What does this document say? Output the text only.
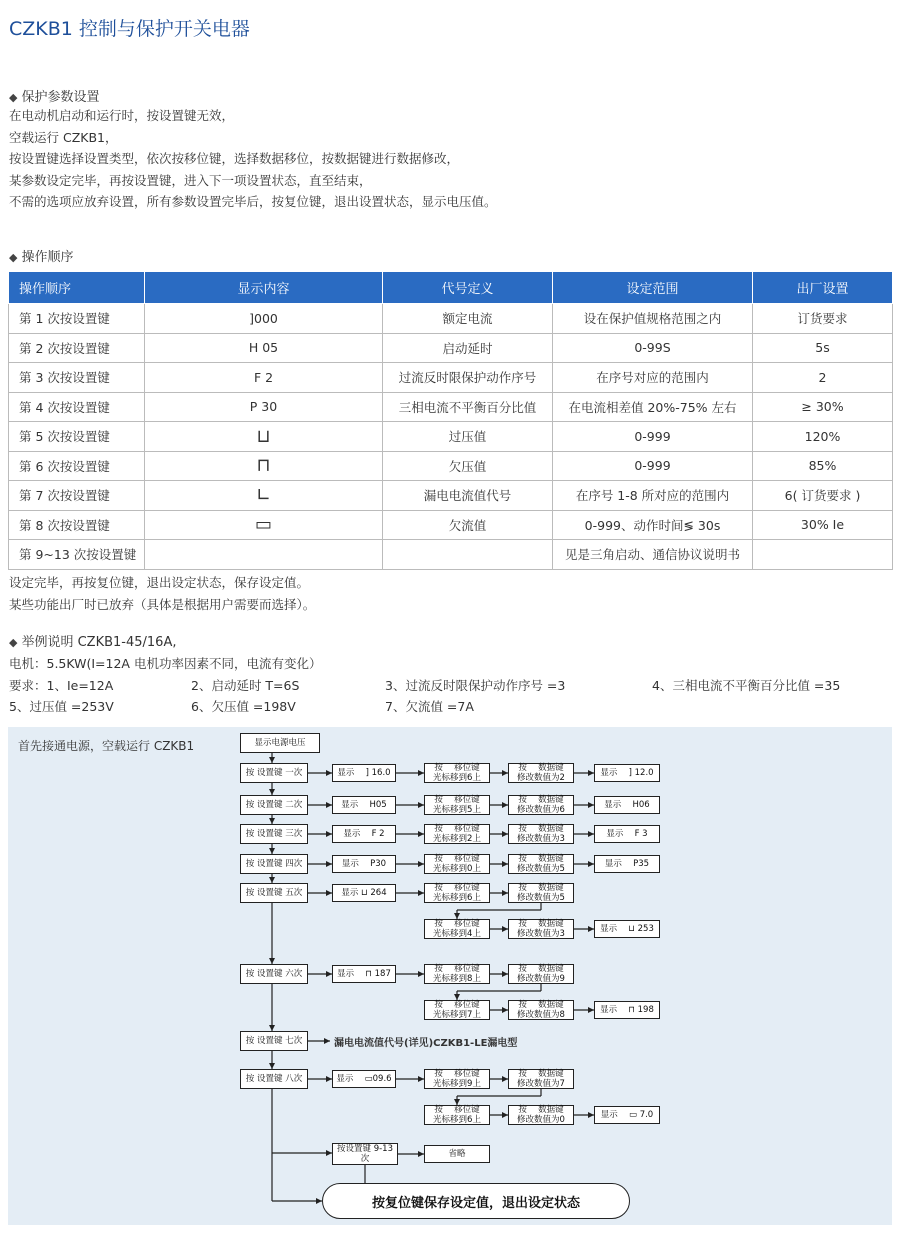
CZKB1 控制与保护开关电器
◆ 保护参数设置
在电动机启动和运行时，按设置键无效，
空载运行 CZKB1，
按设置键选择设置类型，依次按移位键，选择数据移位，按数据键进行数据修改，
某参数设定完毕，再按设置键，进入下一项设置状态，直至结束，
不需的选项应放弃设置，所有参数设置完毕后，按复位键，退出设置状态，显示电压值。
◆ 操作顺序
操作顺序	显示内容	代号定义	设定范围	出厂设置
第 1 次按设置键	]000	额定电流	设在保护值规格范围之内	订货要求
第 2 次按设置键	H 05	启动延时	0-99S	5s
第 3 次按设置键	F 2	过流反时限保护动作序号	在序号对应的范围内	2
第 4 次按设置键	P 30	三相电流不平衡百分比值	在电流相差值 20%-75% 左右	≥ 30%
第 5 次按设置键	⊔	过压值	0-999	120%
第 6 次按设置键	⊓	欠压值	0-999	85%
第 7 次按设置键	∟	漏电电流值代号	在序号 1-8 所对应的范围内	6( 订货要求 )
第 8 次按设置键	▭	欠流值	0-999、动作时间≶ 30s	30% Ie
第 9~13 次按设置键			见是三角启动、通信协议说明书	
设定完毕，再按复位键，退出设定状态，保存设定值。
某些功能出厂时已放弃（具体是根据用户需要而选择）。
◆ 举例说明 CZKB1-45/16A,
电机：5.5KW(I=12A 电机功率因素不同，电流有变化）
要求：1、Ie=12A	2、启动延时 T=6S	3、过流反时限保护动作序号 =3	4、三相电流不平衡百分比值 =35
5、过压值 =253V	6、欠压值 =198V	7、欠流值 =7A
首先接通电源，空载运行 CZKB1	显示电源电压
按 设置键 一次	显示　 ] 16.0	按　 移位键
光标移到6上
按　 数据键
修改数值为2	显示　 ] 12.0
按 设置键 二次	显示　 H05	按　 移位键
光标移到5上
按　 数据键
修改数值为6	显示　 H06
按 设置键 三次	显示　 F 2	按　 移位键
光标移到2上
按　 数据键
修改数值为3	显示　 F 3
按 设置键 四次	显示　 P30	按　 移位键
光标移到0上
按　 数据键
修改数值为5	显示　 P35
按 设置键 五次	显示 ⊔ 264	按　 移位键
光标移到6上
按　 数据键
修改数值为5
按　 移位键
光标移到4上
按　 数据键
修改数值为3	显示　 ⊔ 253
按 设置键 六次	显示　 ⊓ 187	按　 移位键
光标移到8上
按　 数据键
修改数值为9
按　 移位键
光标移到7上
按　 数据键
修改数值为8	显示　 ⊓ 198
按 设置键 七次	漏电电流值代号(详见)CZKB1-LE漏电型
按 设置键 八次	显示　 ▭09.6	按　 移位键
光标移到9上
按　 数据键
修改数值为7
按　 移位键
光标移到6上
按　 数据键
修改数值为0	显示　 ▭ 7.0
按设置键 9-13
次	省略
按复位键保存设定值，退出设定状态
